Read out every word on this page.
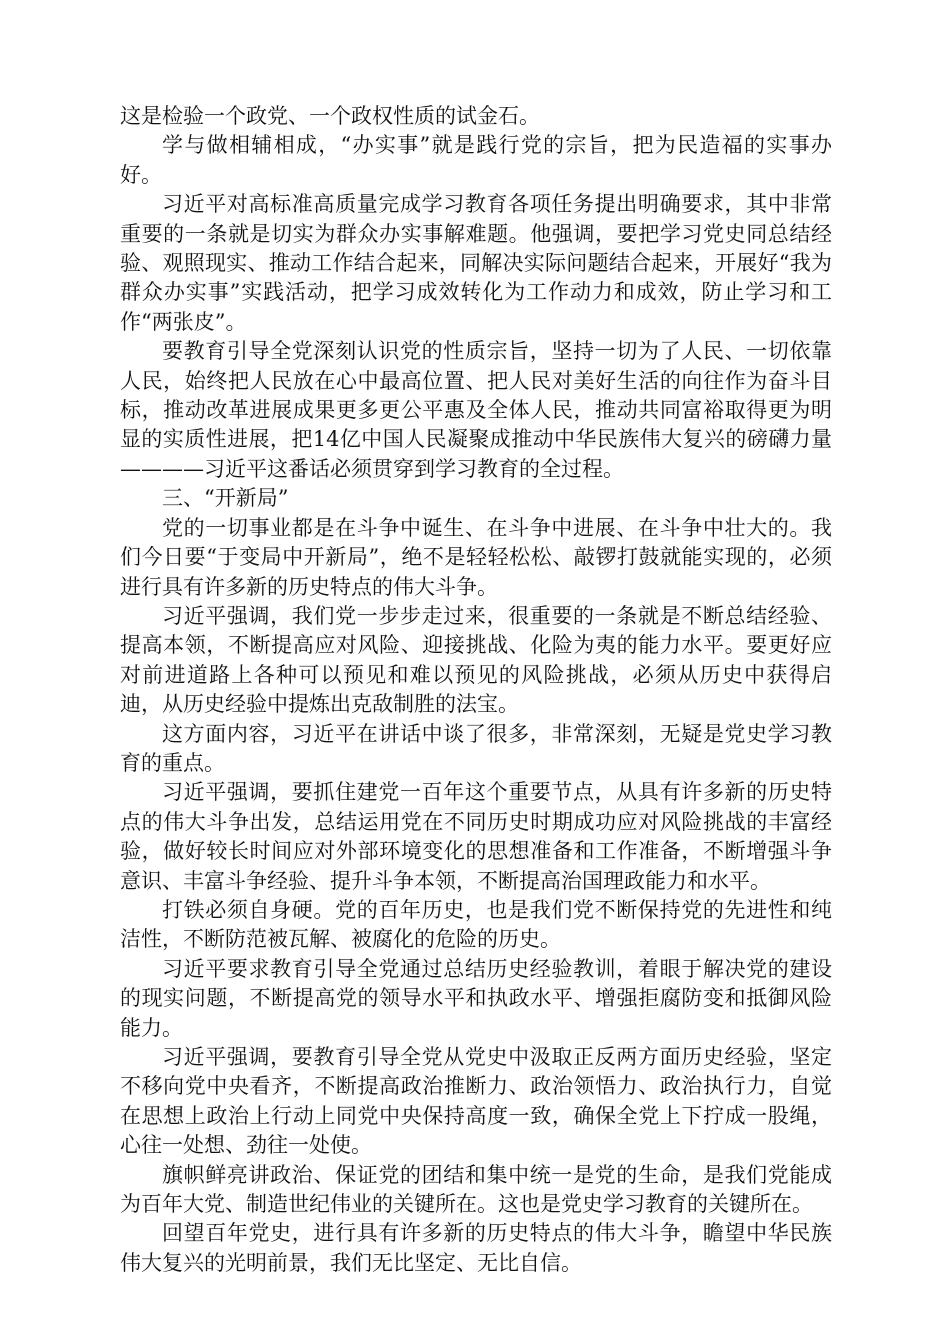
这是检验一个政党、一个政权性质的试金石。

学与做相辅相成，“办实事”就是践行党的宗旨，把为民造福的实事办好。

习近平对高标准高质量完成学习教育各项任务提出明确要求，其中非常重要的一条就是切实为群众办实事解难题。他强调，要把学习党史同总结经验、观照现实、推动工作结合起来，同解决实际问题结合起来，开展好“我为群众办实事”实践活动，把学习成效转化为工作动力和成效，防止学习和工作“两张皮”。

要教育引导全党深刻认识党的性质宗旨，坚持一切为了人民、一切依靠人民，始终把人民放在心中最高位置、把人民对美好生活的向往作为奋斗目标，推动改革进展成果更多更公平惠及全体人民，推动共同富裕取得更为明显的实质性进展，把14亿中国人民凝聚成推动中华民族伟大复兴的磅礴力量————习近平这番话必须贯穿到学习教育的全过程。

三、“开新局”

党的一切事业都是在斗争中诞生、在斗争中进展、在斗争中壮大的。我们今日要“于变局中开新局”，绝不是轻轻松松、敲锣打鼓就能实现的，必须进行具有许多新的历史特点的伟大斗争。

习近平强调，我们党一步步走过来，很重要的一条就是不断总结经验、提高本领，不断提高应对风险、迎接挑战、化险为夷的能力水平。要更好应对前进道路上各种可以预见和难以预见的风险挑战，必须从历史中获得启迪，从历史经验中提炼出克敌制胜的法宝。

这方面内容，习近平在讲话中谈了很多，非常深刻，无疑是党史学习教育的重点。

习近平强调，要抓住建党一百年这个重要节点，从具有许多新的历史特点的伟大斗争出发，总结运用党在不同历史时期成功应对风险挑战的丰富经验，做好较长时间应对外部环境变化的思想准备和工作准备，不断增强斗争意识、丰富斗争经验、提升斗争本领，不断提高治国理政能力和水平。

打铁必须自身硬。党的百年历史，也是我们党不断保持党的先进性和纯洁性，不断防范被瓦解、被腐化的危险的历史。

习近平要求教育引导全党通过总结历史经验教训，着眼于解决党的建设的现实问题，不断提高党的领导水平和执政水平、增强拒腐防变和抵御风险能力。

习近平强调，要教育引导全党从党史中汲取正反两方面历史经验，坚定不移向党中央看齐，不断提高政治推断力、政治领悟力、政治执行力，自觉在思想上政治上行动上同党中央保持高度一致，确保全党上下拧成一股绳，心往一处想、劲往一处使。

旗帜鲜亮讲政治、保证党的团结和集中统一是党的生命，是我们党能成为百年大党、制造世纪伟业的关键所在。这也是党史学习教育的关键所在。

回望百年党史，进行具有许多新的历史特点的伟大斗争，瞻望中华民族伟大复兴的光明前景，我们无比坚定、无比自信。
